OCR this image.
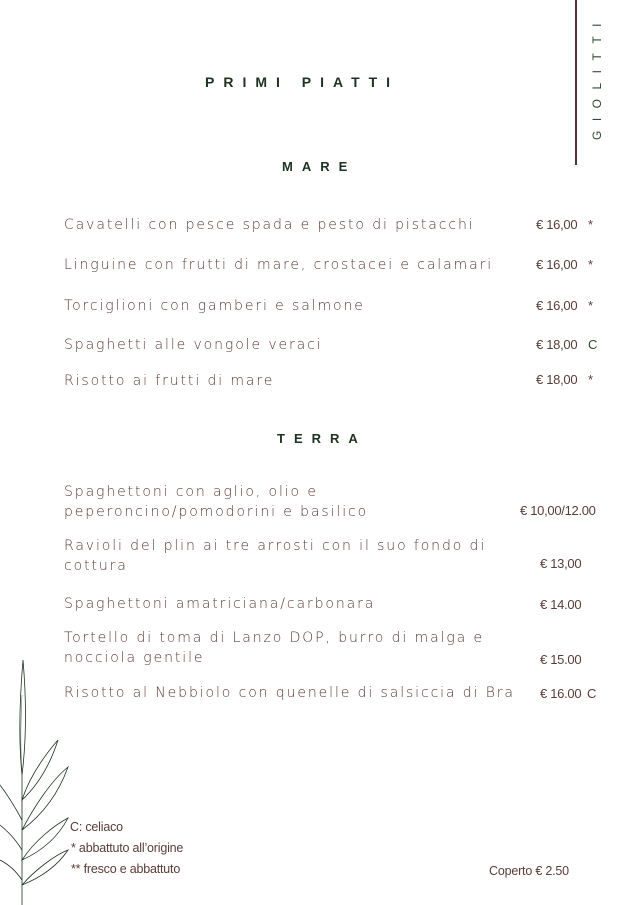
GIOLITTI
PRIMI PIATTI
MARE
Cavatelli con pesce spada e pesto di pistacchi	€ 16,00 *
Linguine con frutti di mare, crostacei e calamari	€ 16,00 *
Torciglioni con gamberi e salmone	€ 16,00 *
Spaghetti alle vongole veraci	€ 18,00 C
Risotto ai frutti di mare	€ 18,00 *
TERRA
Spaghettoni con aglio, olio e
peperoncino/pomodorini e basilico	€ 10,00/12.00
Ravioli del plin ai tre arrosti con il suo fondo di
cottura	€ 13,00
Spaghettoni amatriciana/carbonara	€ 14.00
Tortello di toma di Lanzo DOP, burro di malga e
nocciola gentile	€ 15.00
Risotto al Nebbiolo con quenelle di salsiccia di Bra € 16.00 C
C: celiaco
* abbattuto all’origine
** fresco e abbattuto	Coperto € 2.50
